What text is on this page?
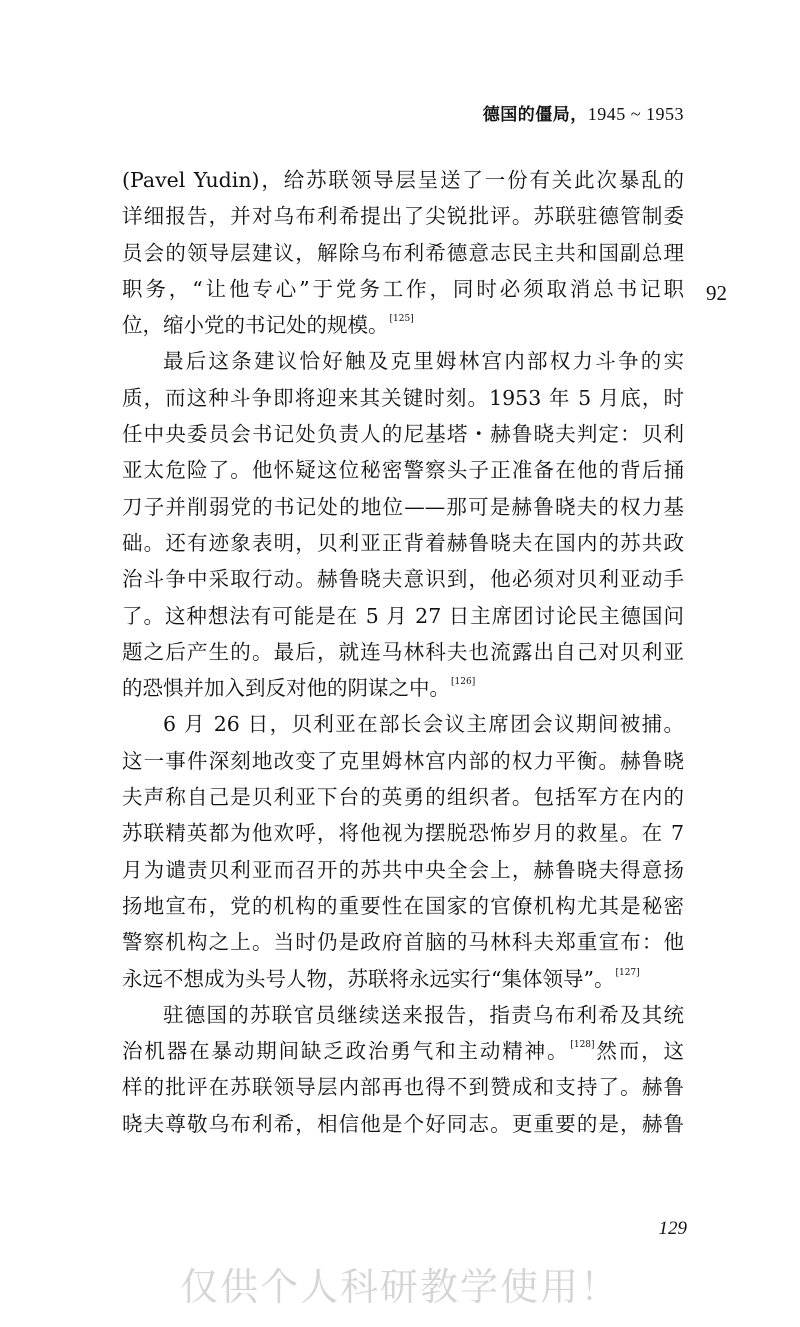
德国的僵局，1945 ~ 1953
92
(Pavel Yudin)，给苏联领导层呈送了一份有关此次暴乱的
详细报告，并对乌布利希提出了尖锐批评。苏联驻德管制委
员会的领导层建议，解除乌布利希德意志民主共和国副总理
职务，“让他专心”于党务工作，同时必须取消总书记职
位，缩小党的书记处的规模。[125]
最后这条建议恰好触及克里姆林宫内部权力斗争的实
质，而这种斗争即将迎来其关键时刻。1953 年 5 月底，时
任中央委员会书记处负责人的尼基塔・赫鲁晓夫判定：贝利
亚太危险了。他怀疑这位秘密警察头子正准备在他的背后捅
刀子并削弱党的书记处的地位——那可是赫鲁晓夫的权力基
础。还有迹象表明，贝利亚正背着赫鲁晓夫在国内的苏共政
治斗争中采取行动。赫鲁晓夫意识到，他必须对贝利亚动手
了。这种想法有可能是在 5 月 27 日主席团讨论民主德国问
题之后产生的。最后，就连马林科夫也流露出自己对贝利亚
的恐惧并加入到反对他的阴谋之中。[126]
6 月 26 日，贝利亚在部长会议主席团会议期间被捕。
这一事件深刻地改变了克里姆林宫内部的权力平衡。赫鲁晓
夫声称自己是贝利亚下台的英勇的组织者。包括军方在内的
苏联精英都为他欢呼，将他视为摆脱恐怖岁月的救星。在 7
月为谴责贝利亚而召开的苏共中央全会上，赫鲁晓夫得意扬
扬地宣布，党的机构的重要性在国家的官僚机构尤其是秘密
警察机构之上。当时仍是政府首脑的马林科夫郑重宣布：他
永远不想成为头号人物，苏联将永远实行“集体领导”。[127]
驻德国的苏联官员继续送来报告，指责乌布利希及其统
治机器在暴动期间缺乏政治勇气和主动精神。[128]然而，这
样的批评在苏联领导层内部再也得不到赞成和支持了。赫鲁
晓夫尊敬乌布利希，相信他是个好同志。更重要的是，赫鲁
129
仅供个人科研教学使用！
